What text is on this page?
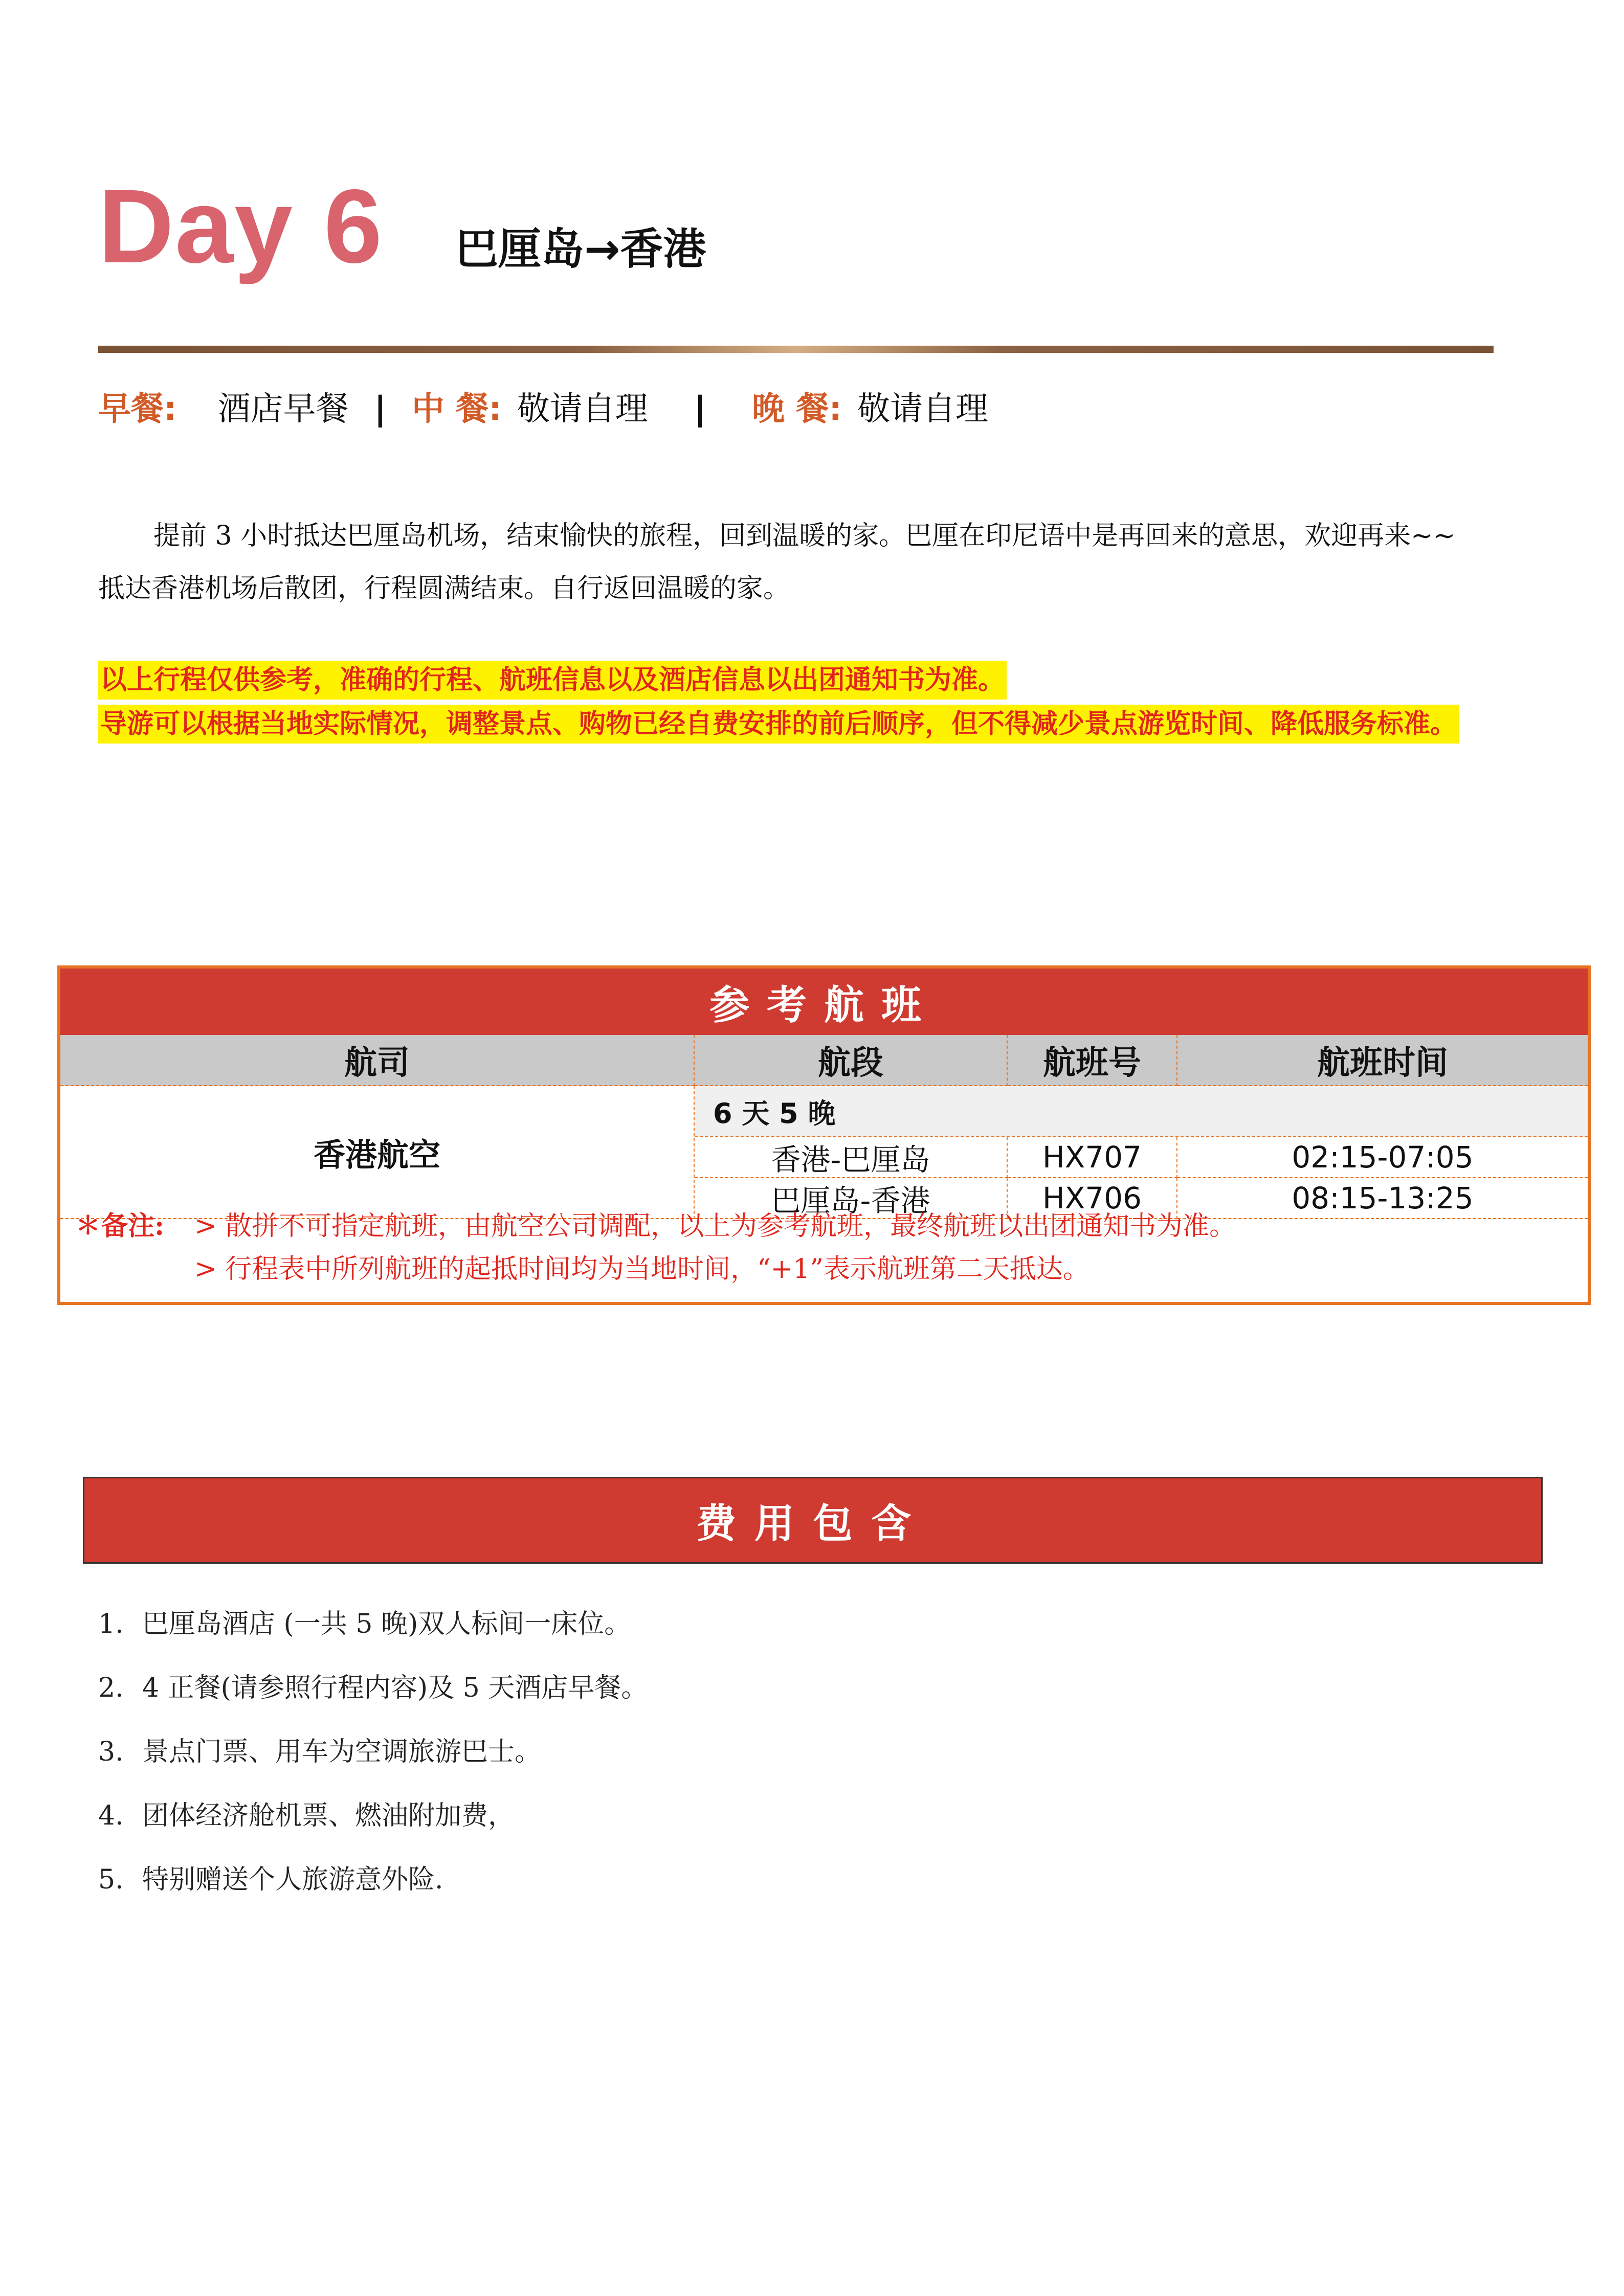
Day 6 巴厘岛→香港
早餐: 酒店早餐 | 中 餐: 敬请自理 | 晚 餐: 敬请自理
提前 3 小时抵达巴厘岛机场，结束愉快的旅程，回到温暖的家。巴厘在印尼语中是再回来的意思，欢迎再来~~
抵达香港机场后散团，行程圆满结束。自行返回温暖的家。
以上行程仅供参考，准确的行程、航班信息以及酒店信息以出团通知书为准。
导游可以根据当地实际情况，调整景点、购物已经自费安排的前后顺序，但不得减少景点游览时间、降低服务标准。
参考航班
航司	航段	航班号	航班时间
香港航空
6 天 5 晚
香港-巴厘岛	HX707	02:15-07:05
巴厘岛-香港	HX706	08:15-13:25
✽备注: > 散拼不可指定航班，由航空公司调配，以上为参考航班，最终航班以出团通知书为准。
> 行程表中所列航班的起抵时间均为当地时间，“+1”表示航班第二天抵达。
费用包含
1. 巴厘岛酒店 (一共 5 晚)双人标间一床位。
2. 4 正餐(请参照行程内容)及 5 天酒店早餐。
3. 景点门票、用车为空调旅游巴士。
4. 团体经济舱机票、燃油附加费，
5. 特别赠送个人旅游意外险.
